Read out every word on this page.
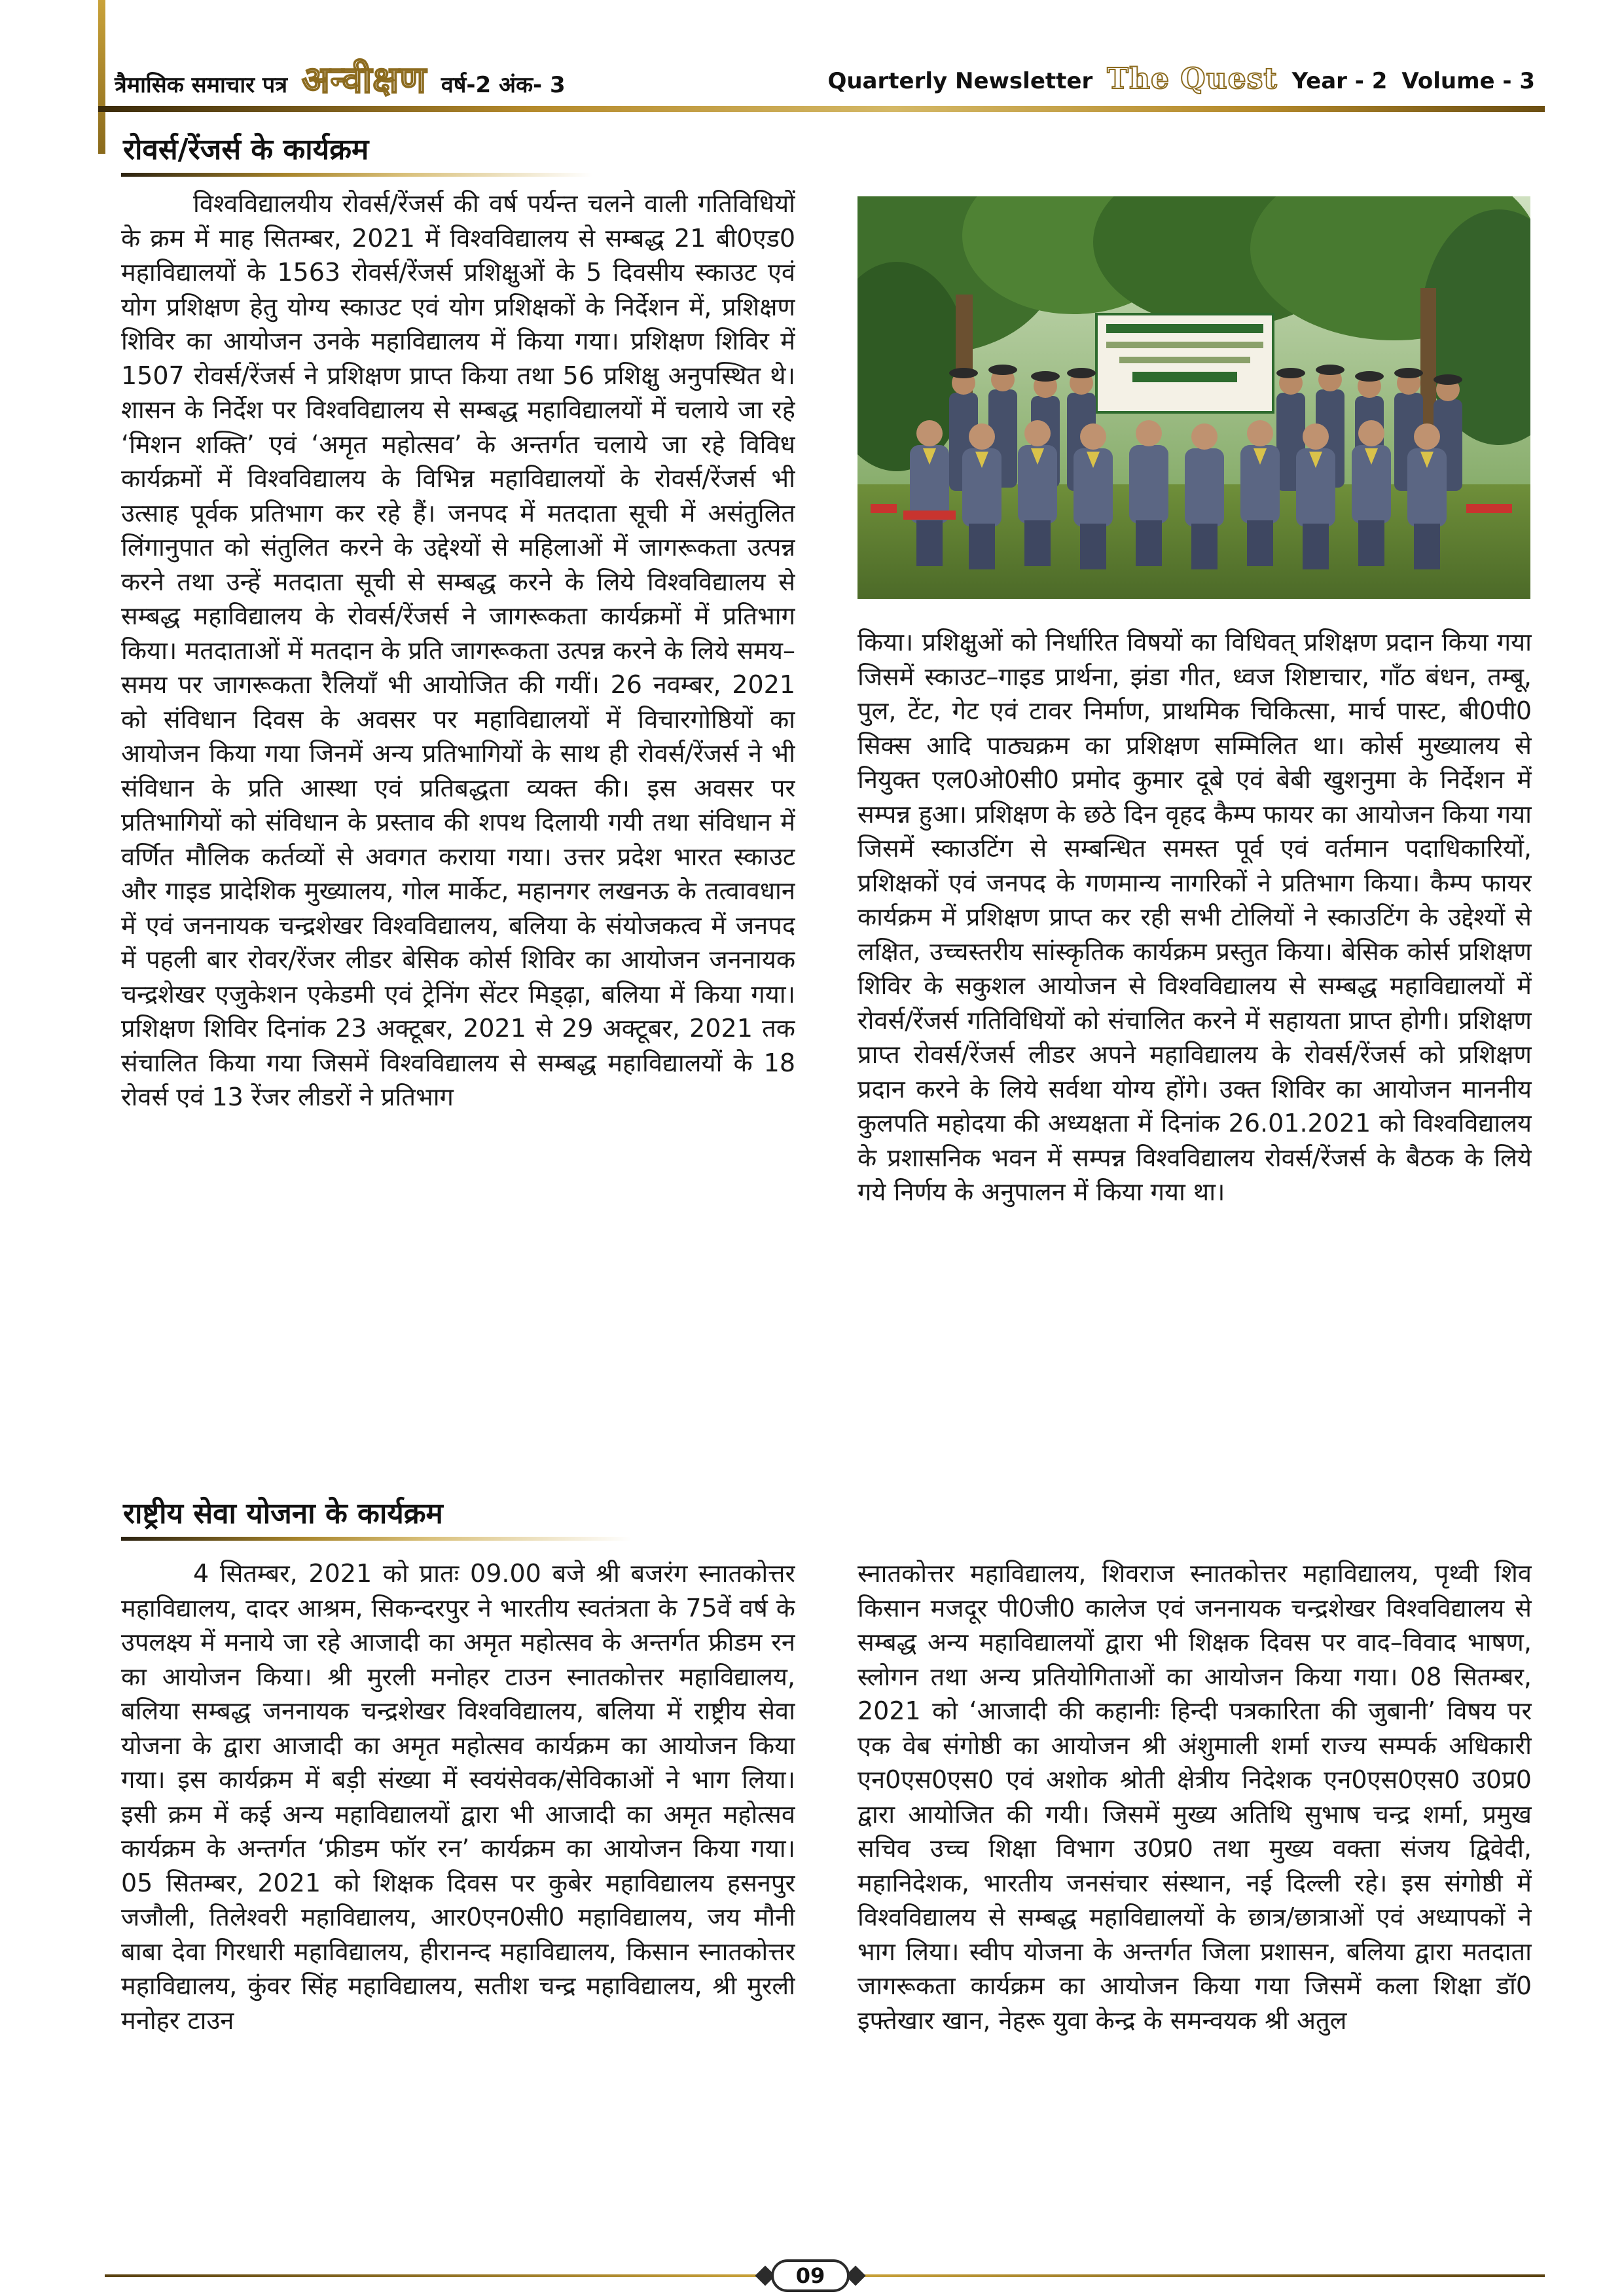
त्रैमासिक समाचार पत्र अन्वीक्षण वर्ष-2 अंक- 3	Quarterly Newsletter The Quest Year - 2 Volume - 3
रोवर्स/रेंजर्स के कार्यक्रम

विश्वविद्यालयीय रोवर्स/रेंजर्स की वर्ष पर्यन्त चलने वाली गतिविधियों के क्रम में माह सितम्बर, 2021 में विश्वविद्यालय से सम्बद्ध 21 बी0एड0 महाविद्यालयों के 1563 रोवर्स/रेंजर्स प्रशिक्षुओं के 5 दिवसीय स्काउट एवं योग प्रशिक्षण हेतु योग्य स्काउट एवं योग प्रशिक्षकों के निर्देशन में, प्रशिक्षण शिविर का आयोजन उनके महाविद्यालय में किया गया। प्रशिक्षण शिविर में 1507 रोवर्स/रेंजर्स ने प्रशिक्षण प्राप्त किया तथा 56 प्रशिक्षु अनुपस्थित थे। शासन के निर्देश पर विश्वविद्यालय से सम्बद्ध महाविद्यालयों में चलाये जा रहे ‘मिशन शक्ति’ एवं ‘अमृत महोत्सव’ के अन्तर्गत चलाये जा रहे विविध कार्यक्रमों में विश्वविद्यालय के विभिन्न महाविद्यालयों के रोवर्स/रेंजर्स भी उत्साह पूर्वक प्रतिभाग कर रहे हैं। जनपद में मतदाता सूची में असंतुलित लिंगानुपात को संतुलित करने के उद्देश्यों से महिलाओं में जागरूकता उत्पन्न करने तथा उन्हें मतदाता सूची से सम्बद्ध करने के लिये विश्वविद्यालय से सम्बद्ध महाविद्यालय के रोवर्स/रेंजर्स ने जागरूकता कार्यक्रमों में प्रतिभाग किया। मतदाताओं में मतदान के प्रति जागरूकता उत्पन्न करने के लिये समय–समय पर जागरूकता रैलियाँ भी आयोजित की गयीं। 26 नवम्बर, 2021 को संविधान दिवस के अवसर पर महाविद्यालयों में विचारगोष्ठियों का आयोजन किया गया जिनमें अन्य प्रतिभागियों के साथ ही रोवर्स/रेंजर्स ने भी संविधान के प्रति आस्था एवं प्रतिबद्धता व्यक्त की। इस अवसर पर प्रतिभागियों को संविधान के प्रस्ताव की शपथ दिलायी गयी तथा संविधान में वर्णित मौलिक कर्तव्यों से अवगत कराया गया। उत्तर प्रदेश भारत स्काउट और गाइड प्रादेशिक मुख्यालय, गोल मार्केट, महानगर लखनऊ के तत्वावधान में एवं जननायक चन्द्रशेखर विश्वविद्यालय, बलिया के संयोजकत्व में जनपद में पहली बार रोवर/रेंजर लीडर बेसिक कोर्स शिविर का आयोजन जननायक चन्द्रशेखर एजुकेशन एकेडमी एवं ट्रेनिंग सेंटर मिड्ढ़ा, बलिया में किया गया। प्रशिक्षण शिविर दिनांक 23 अक्टूबर, 2021 से 29 अक्टूबर, 2021 तक संचालित किया गया जिसमें विश्वविद्यालय से सम्बद्ध महाविद्यालयों के 18 रोवर्स एवं 13 रेंजर लीडरों ने प्रतिभाग

किया। प्रशिक्षुओं को निर्धारित विषयों का विधिवत् प्रशिक्षण प्रदान किया गया जिसमें स्काउट–गाइड प्रार्थना, झंडा गीत, ध्वज शिष्टाचार, गाँठ बंधन, तम्बू, पुल, टेंट, गेट एवं टावर निर्माण, प्राथमिक चिकित्सा, मार्च पास्ट, बी0पी0 सिक्स आदि पाठ्यक्रम का प्रशिक्षण सम्मिलित था। कोर्स मुख्यालय से नियुक्त एल0ओ0सी0 प्रमोद कुमार दूबे एवं बेबी खुशनुमा के निर्देशन में सम्पन्न हुआ। प्रशिक्षण के छठे दिन वृहद कैम्प फायर का आयोजन किया गया जिसमें स्काउटिंग से सम्बन्धित समस्त पूर्व एवं वर्तमान पदाधिकारियों, प्रशिक्षकों एवं जनपद के गणमान्य नागरिकों ने प्रतिभाग किया। कैम्प फायर कार्यक्रम में प्रशिक्षण प्राप्त कर रही सभी टोलियों ने स्काउटिंग के उद्देश्यों से लक्षित, उच्चस्तरीय सांस्कृतिक कार्यक्रम प्रस्तुत किया। बेसिक कोर्स प्रशिक्षण शिविर के सकुशल आयोजन से विश्वविद्यालय से सम्बद्ध महाविद्यालयों में रोवर्स/रेंजर्स गतिविधियों को संचालित करने में सहायता प्राप्त होगी। प्रशिक्षण प्राप्त रोवर्स/रेंजर्स लीडर अपने महाविद्यालय के रोवर्स/रेंजर्स को प्रशिक्षण प्रदान करने के लिये सर्वथा योग्य होंगे। उक्त शिविर का आयोजन माननीय कुलपति महोदया की अध्यक्षता में दिनांक 26.01.2021 को विश्वविद्यालय के प्रशासनिक भवन में सम्पन्न विश्वविद्यालय रोवर्स/रेंजर्स के बैठक के लिये गये निर्णय के अनुपालन में किया गया था।

राष्ट्रीय सेवा योजना के कार्यक्रम

4 सितम्बर, 2021 को प्रातः 09.00 बजे श्री बजरंग स्नातकोत्तर महाविद्यालय, दादर आश्रम, सिकन्दरपुर ने भारतीय स्वतंत्रता के 75वें वर्ष के उपलक्ष्य में मनाये जा रहे आजादी का अमृत महोत्सव के अन्तर्गत फ्रीडम रन का आयोजन किया। श्री मुरली मनोहर टाउन स्नातकोत्तर महाविद्यालय, बलिया सम्बद्ध जननायक चन्द्रशेखर विश्वविद्यालय, बलिया में राष्ट्रीय सेवा योजना के द्वारा आजादी का अमृत महोत्सव कार्यक्रम का आयोजन किया गया। इस कार्यक्रम में बड़ी संख्या में स्वयंसेवक/सेविकाओं ने भाग लिया। इसी क्रम में कई अन्य महाविद्यालयों द्वारा भी आजादी का अमृत महोत्सव कार्यक्रम के अन्तर्गत ‘फ्रीडम फॉर रन’ कार्यक्रम का आयोजन किया गया। 05 सितम्बर, 2021 को शिक्षक दिवस पर कुबेर महाविद्यालय हसनपुर जजौली, तिलेश्वरी महाविद्यालय, आर0एन0सी0 महाविद्यालय, जय मौनी बाबा देवा गिरधारी महाविद्यालय, हीरानन्द महाविद्यालय, किसान स्नातकोत्तर महाविद्यालय, कुंवर सिंह महाविद्यालय, सतीश चन्द्र महाविद्यालय, श्री मुरली मनोहर टाउन

स्नातकोत्तर महाविद्यालय, शिवराज स्नातकोत्तर महाविद्यालय, पृथ्वी शिव किसान मजदूर पी0जी0 कालेज एवं जननायक चन्द्रशेखर विश्वविद्यालय से सम्बद्ध अन्य महाविद्यालयों द्वारा भी शिक्षक दिवस पर वाद–विवाद भाषण, स्लोगन तथा अन्य प्रतियोगिताओं का आयोजन किया गया। 08 सितम्बर, 2021 को ‘आजादी की कहानीः हिन्दी पत्रकारिता की जुबानी’ विषय पर एक वेब संगोष्ठी का आयोजन श्री अंशुमाली शर्मा राज्य सम्पर्क अधिकारी एन0एस0एस0 एवं अशोक श्रोती क्षेत्रीय निदेशक एन0एस0एस0 उ0प्र0 द्वारा आयोजित की गयी। जिसमें मुख्य अतिथि सुभाष चन्द्र शर्मा, प्रमुख सचिव उच्च शिक्षा विभाग उ0प्र0 तथा मुख्य वक्ता संजय द्विवेदी, महानिदेशक, भारतीय जनसंचार संस्थान, नई दिल्ली रहे। इस संगोष्ठी में विश्वविद्यालय से सम्बद्ध महाविद्यालयों के छात्र/छात्राओं एवं अध्यापकों ने भाग लिया। स्वीप योजना के अन्तर्गत जिला प्रशासन, बलिया द्वारा मतदाता जागरूकता कार्यक्रम का आयोजन किया गया जिसमें कला शिक्षा डॉ0 इफ्तेखार खान, नेहरू युवा केन्द्र के समन्वयक श्री अतुल

09
